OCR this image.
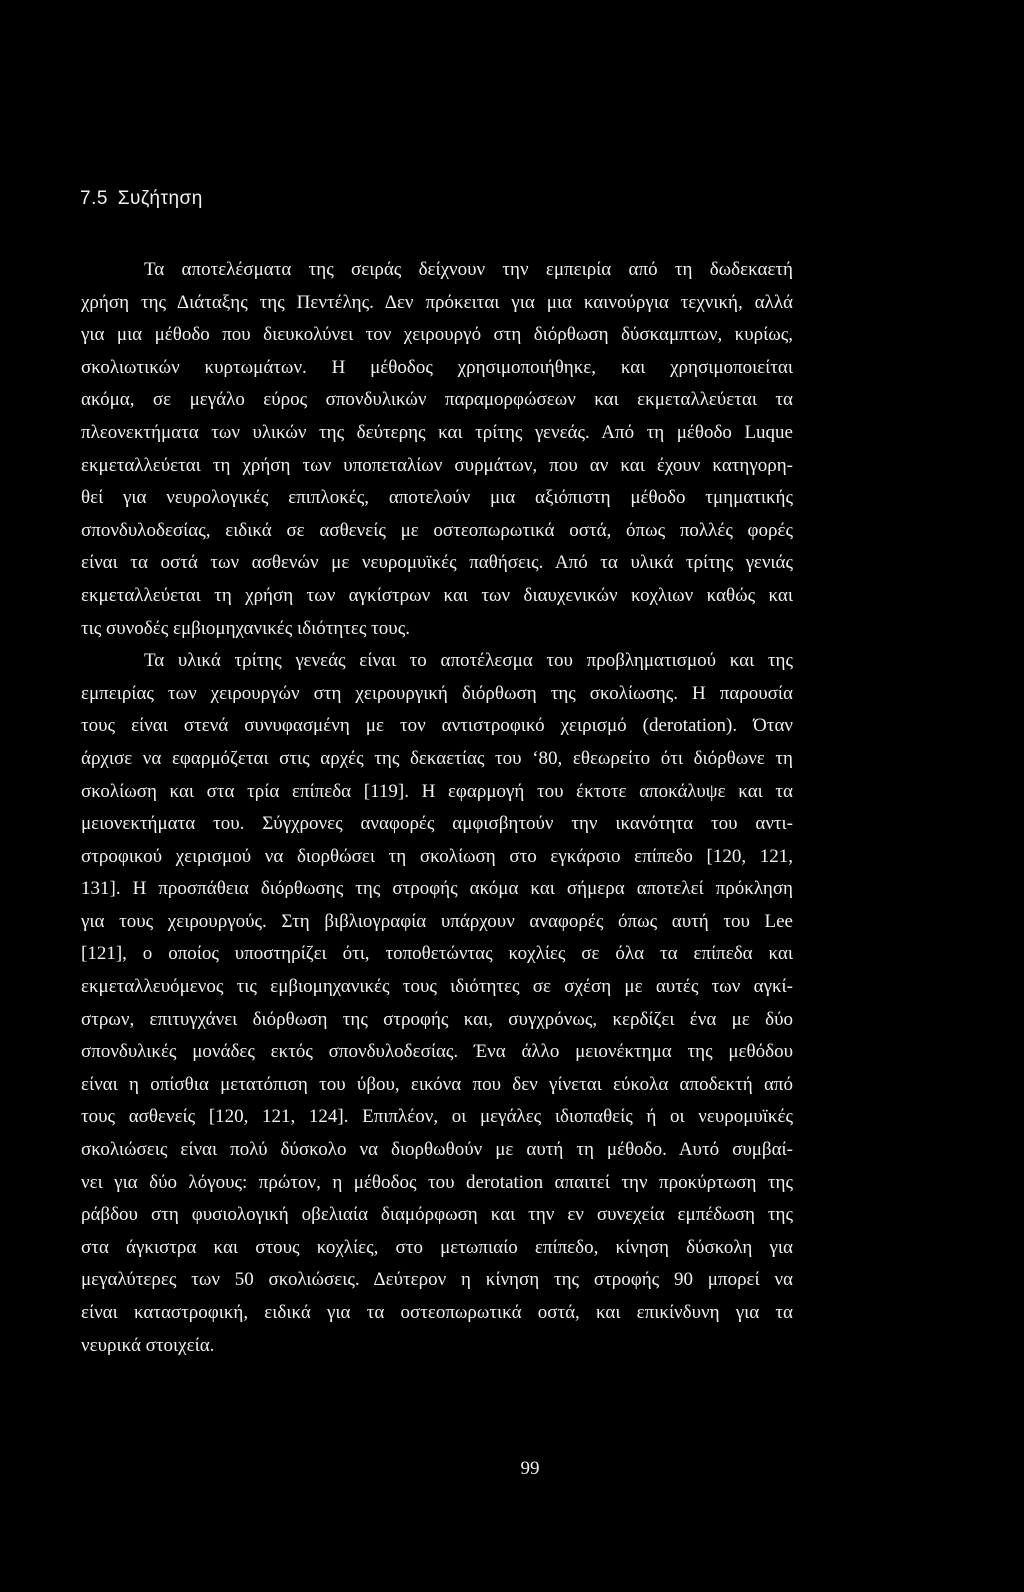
7.5 Συζήτηση
Τα αποτελέσματα της σειράς δείχνουν την εμπειρία από τη δωδεκαετή
χρήση της Διάταξης της Πεντέλης. Δεν πρόκειται για μια καινούργια τεχνική, αλλά
για μια μέθοδο που διευκολύνει τον χειρουργό στη διόρθωση δύσκαμπτων, κυρίως,
σκολιωτικών κυρτωμάτων. Η μέθοδος χρησιμοποιήθηκε, και χρησιμοποιείται
ακόμα, σε μεγάλο εύρος σπονδυλικών παραμορφώσεων και εκμεταλλεύεται τα
πλεονεκτήματα των υλικών της δεύτερης και τρίτης γενεάς. Από τη μέθοδο Luque
εκμεταλλεύεται τη χρήση των υποπεταλίων συρμάτων, που αν και έχουν κατηγορη-
θεί για νευρολογικές επιπλοκές, αποτελούν μια αξιόπιστη μέθοδο τμηματικής
σπονδυλοδεσίας, ειδικά σε ασθενείς με οστεοπωρωτικά οστά, όπως πολλές φορές
είναι τα οστά των ασθενών με νευρομυϊκές παθήσεις. Από τα υλικά τρίτης γενιάς
εκμεταλλεύεται τη χρήση των αγκίστρων και των διαυχενικών κοχλιων καθώς και
τις συνοδές εμβιομηχανικές ιδιότητες τους.
Τα υλικά τρίτης γενεάς είναι το αποτέλεσμα του προβληματισμού και της
εμπειρίας των χειρουργών στη χειρουργική διόρθωση της σκολίωσης. Η παρουσία
τους είναι στενά συνυφασμένη με τον αντιστροφικό χειρισμό (derotation). Όταν
άρχισε να εφαρμόζεται στις αρχές της δεκαετίας του ‘80, εθεωρείτο ότι διόρθωνε τη
σκολίωση και στα τρία επίπεδα [119]. Η εφαρμογή του έκτοτε αποκάλυψε και τα
μειονεκτήματα του. Σύγχρονες αναφορές αμφισβητούν την ικανότητα του αντι-
στροφικού χειρισμού να διορθώσει τη σκολίωση στο εγκάρσιο επίπεδο [120, 121,
131]. Η προσπάθεια διόρθωσης της στροφής ακόμα και σήμερα αποτελεί πρόκληση
για τους χειρουργούς. Στη βιβλιογραφία υπάρχουν αναφορές όπως αυτή του Lee
[121], ο οποίος υποστηρίζει ότι, τοποθετώντας κοχλίες σε όλα τα επίπεδα και
εκμεταλλευόμενος τις εμβιομηχανικές τους ιδιότητες σε σχέση με αυτές των αγκί-
στρων, επιτυγχάνει διόρθωση της στροφής και, συγχρόνως, κερδίζει ένα με δύο
σπονδυλικές μονάδες εκτός σπονδυλοδεσίας. Ένα άλλο μειονέκτημα της μεθόδου
είναι η οπίσθια μετατόπιση του ύβου, εικόνα που δεν γίνεται εύκολα αποδεκτή από
τους ασθενείς [120, 121, 124]. Επιπλέον, οι μεγάλες ιδιοπαθείς ή οι νευρομυϊκές
σκολιώσεις είναι πολύ δύσκολο να διορθωθούν με αυτή τη μέθοδο. Αυτό συμβαί-
νει για δύο λόγους: πρώτον, η μέθοδος του derotation απαιτεί την προκύρτωση της
ράβδου στη φυσιολογική οβελιαία διαμόρφωση και την εν συνεχεία εμπέδωση της
στα άγκιστρα και στους κοχλίες, στο μετωπιαίο επίπεδο, κίνηση δύσκολη για
μεγαλύτερες των 50 σκολιώσεις. Δεύτερον η κίνηση της στροφής 90 μπορεί να
είναι καταστροφική, ειδικά για τα οστεοπωρωτικά οστά, και επικίνδυνη για τα
νευρικά στοιχεία.
99
